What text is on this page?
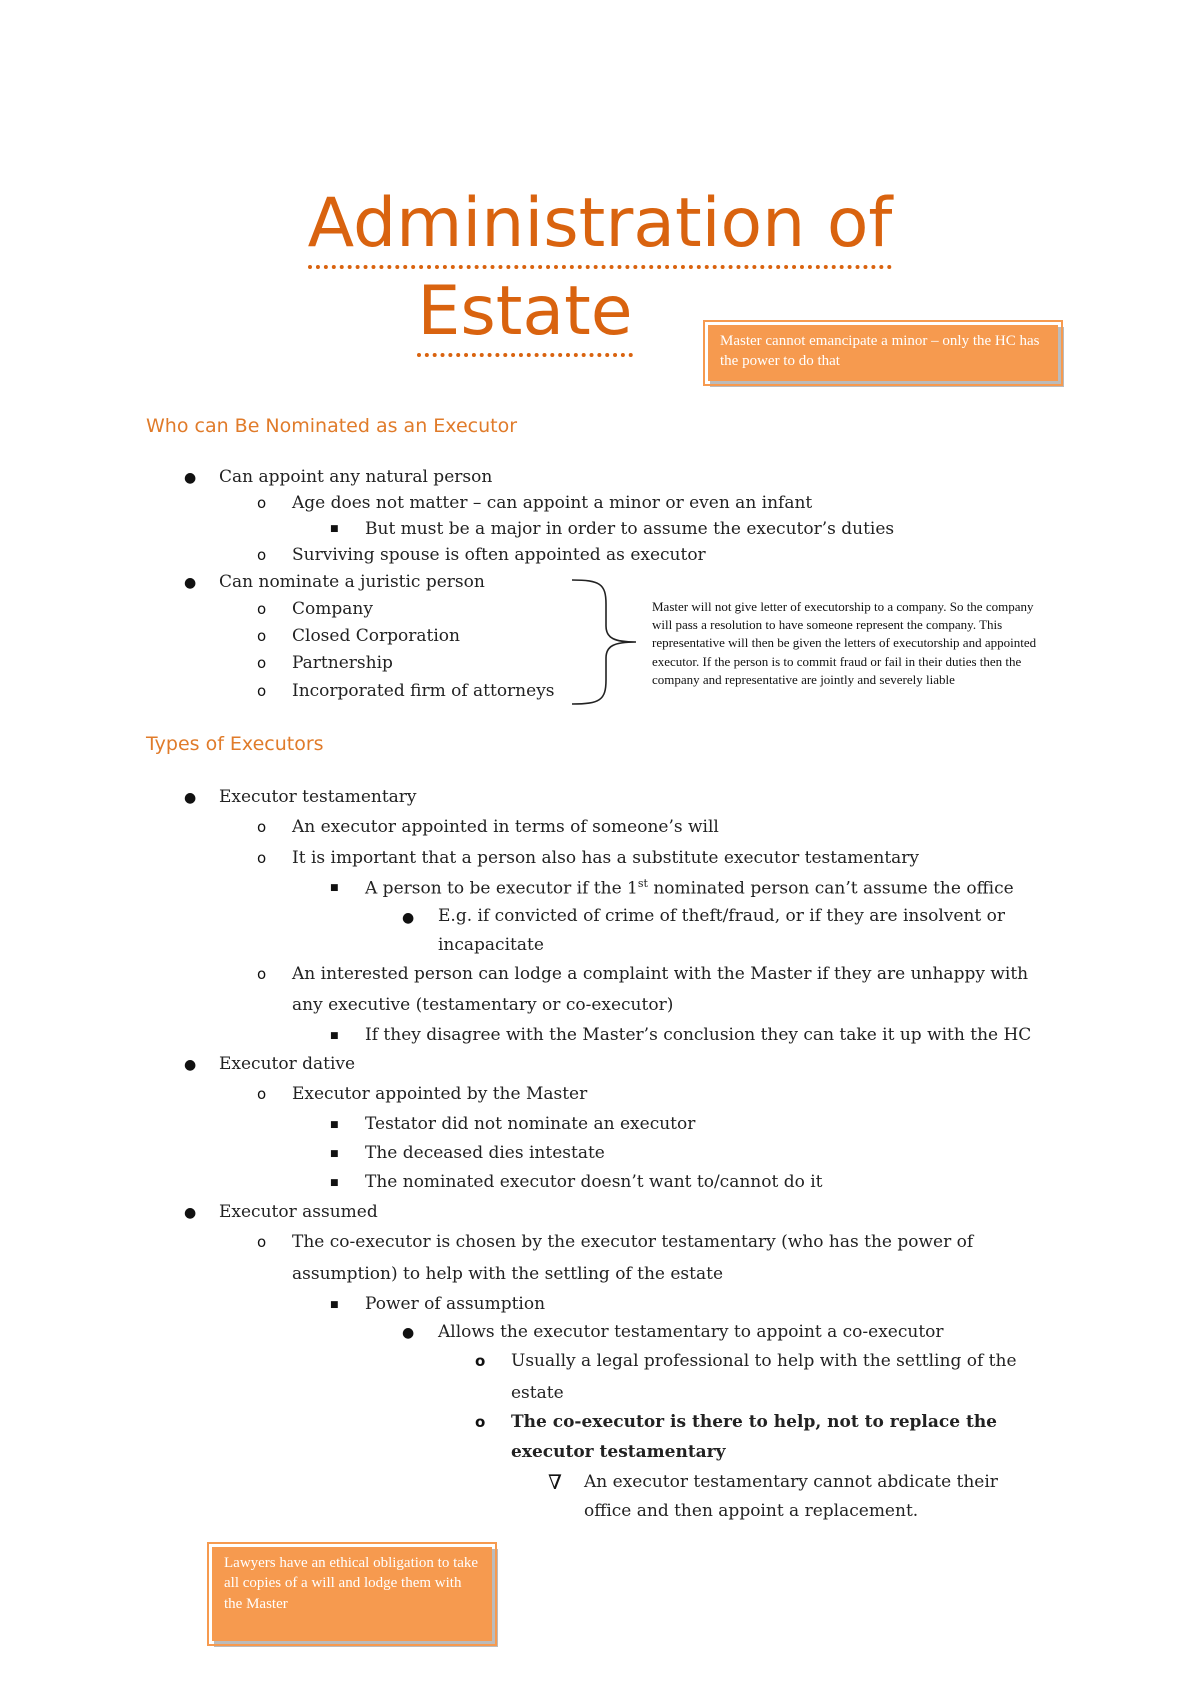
Administration of
Estate	Master cannot emancipate a minor – only the HC has the power to do that
Who can Be Nominated as an Executor
● Can appoint any natural person
o Age does not matter – can appoint a minor or even an infant
■ But must be a major in order to assume the executor’s duties
o Surviving spouse is often appointed as executor
● Can nominate a juristic person
o Company
o Closed Corporation
o Partnership
o Incorporated firm of attorneys
Master will not give letter of executorship to a company. So the company will pass a resolution to have someone represent the company. This representative will then be given the letters of executorship and appointed executor. If the person is to commit fraud or fail in their duties then the company and representative are jointly and severely liable
Types of Executors
● Executor testamentary
o An executor appointed in terms of someone’s will
o It is important that a person also has a substitute executor testamentary
■ A person to be executor if the 1st nominated person can’t assume the office
● E.g. if convicted of crime of theft/fraud, or if they are insolvent or
incapacitate
o An interested person can lodge a complaint with the Master if they are unhappy with
any executive (testamentary or co-executor)
■ If they disagree with the Master’s conclusion they can take it up with the HC
● Executor dative
o Executor appointed by the Master
■ Testator did not nominate an executor
■ The deceased dies intestate
■ The nominated executor doesn’t want to/cannot do it
● Executor assumed
o The co-executor is chosen by the executor testamentary (who has the power of
assumption) to help with the settling of the estate
■ Power of assumption
● Allows the executor testamentary to appoint a co-executor
o Usually a legal professional to help with the settling of the
estate
o The co-executor is there to help, not to replace the
executor testamentary
∇ An executor testamentary cannot abdicate their
office and then appoint a replacement.
Lawyers have an ethical obligation to take all copies of a will and lodge them with the Master
